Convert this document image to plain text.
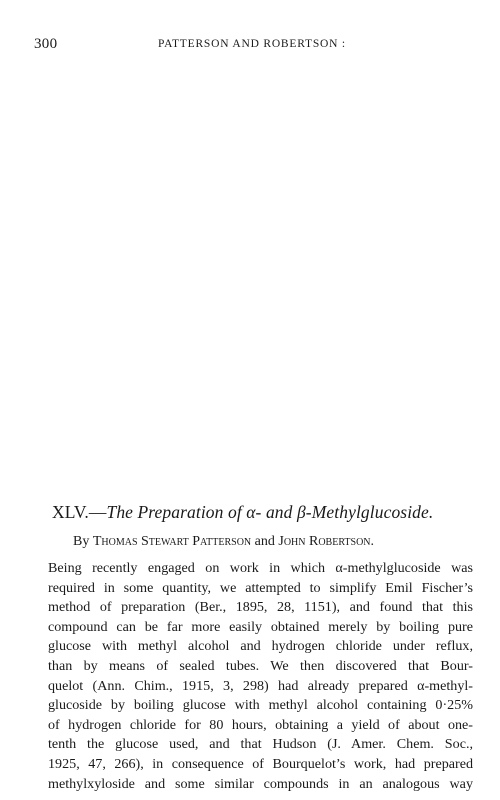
300	PATTERSON AND ROBERTSON :
XLV.—The Preparation of α- and β-Methylglucoside.
By Thomas Stewart Patterson and John Robertson.
Being recently engaged on work in which α-methylglucoside was
required in some quantity, we attempted to simplify Emil Fischer’s
method of preparation (Ber., 1895, 28, 1151), and found that this
compound can be far more easily obtained merely by boiling pure
glucose with methyl alcohol and hydrogen chloride under reflux,
than by means of sealed tubes. We then discovered that Bour-
quelot (Ann. Chim., 1915, 3, 298) had already prepared α-methyl-
glucoside by boiling glucose with methyl alcohol containing 0·25%
of hydrogen chloride for 80 hours, obtaining a yield of about one-
tenth the glucose used, and that Hudson (J. Amer. Chem. Soc.,
1925, 47, 266), in consequence of Bourquelot’s work, had prepared
methylxyloside and some similar compounds in an analogous way
